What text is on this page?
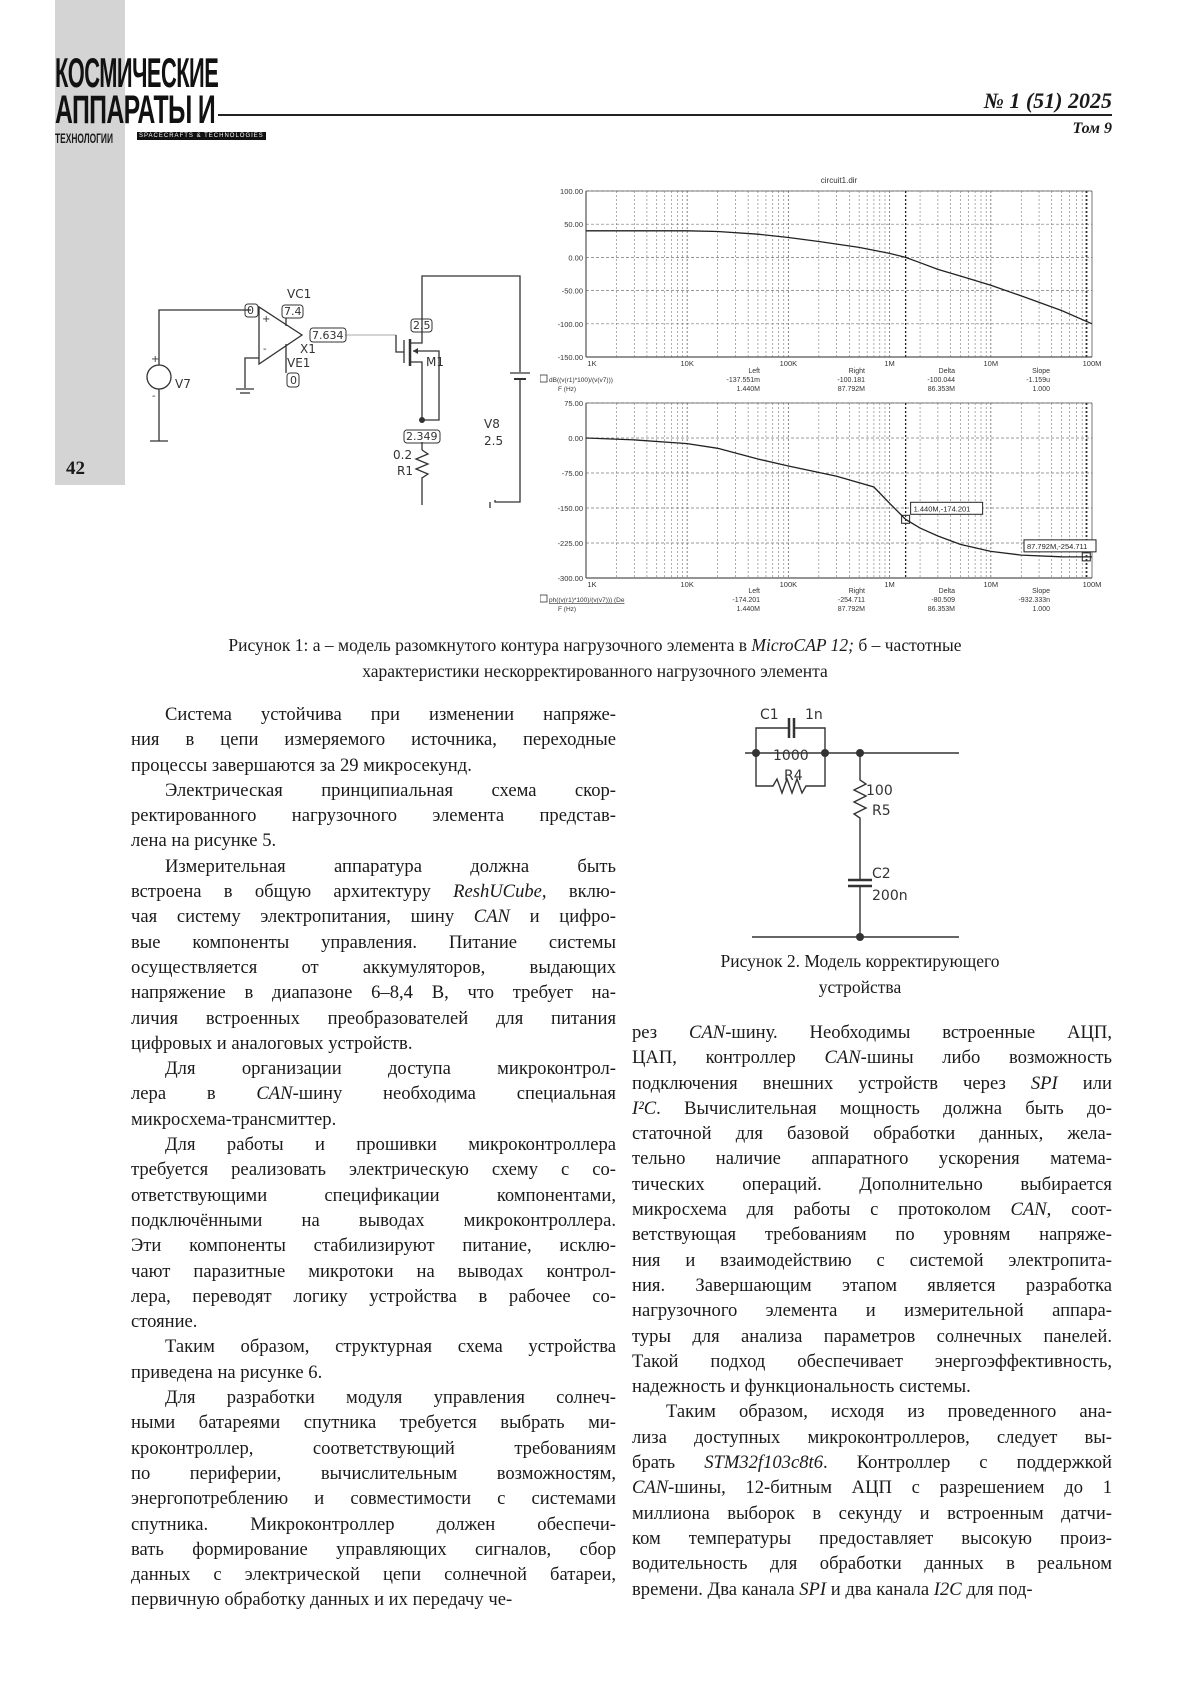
42
КОСМИЧЕСКИЕ
АППАРАТЫ И
ТЕХНОЛОГИИ	SPACECRAFTS & TECHNOLOGIES
№ 1 (51) 2025
Том 9
0
VC1
7.4
VE1
0
X1
7.634
2.5
M1
2.349
0.2
R1
V7
V8
2.5
+
-
+
-
circuit1.dir
100.00
50.00
0.00
-50.00
-100.00
-150.00
1K	10K	100K	1M	10M	100M
Left	Right	Delta	Slope
dB((v(r1)*100)/(v(v7)))	-137.551m	-100.181	-100.044	-1.159u
F (Hz)	1.440M	87.792M	86.353M	1.000
75.00
0.00
-75.00
-150.00
-225.00
-300.00
1K	10K	100K	1M	10M	100M
1.440M,-174.201
87.792M,-254.711
Left	Right	Delta	Slope
ph((v(r1)*100)/(v(v7))) (De	-174.201	-254.711	-80.509	-932.333n
F (Hz)	1.440M	87.792M	86.353M	1.000
Рисунок 1: а – модель разомкнутого контура нагрузочного элемента в MicroCAP 12; б – частотные
характеристики нескорректированного нагрузочного элемента
C1 1n
1000
R4
100
R5
C2
200n
Рисунок 2. Модель корректирующего
устройства
Система устойчива при изменении напряже-
ния в цепи измеряемого источника, переходные
процессы завершаются за 29 микросекунд.
Электрическая принципиальная схема скор-
ректированного нагрузочного элемента представ-
лена на рисунке 5.
Измерительная аппаратура должна быть
встроена в общую архитектуру ReshUCube, вклю-
чая систему электропитания, шину CAN и цифро-
вые компоненты управления. Питание системы
осуществляется от аккумуляторов, выдающих
напряжение в диапазоне 6–8,4 В, что требует на-
личия встроенных преобразователей для питания
цифровых и аналоговых устройств.
Для организации доступа микроконтрол-
лера в CAN-шину необходима специальная
микросхема-трансмиттер.
Для работы и прошивки микроконтроллера
требуется реализовать электрическую схему с со-
ответствующими спецификации компонентами,
подключёнными на выводах микроконтроллера.
Эти компоненты стабилизируют питание, исклю-
чают паразитные микротоки на выводах контрол-
лера, переводят логику устройства в рабочее со-
стояние.
Таким образом, структурная схема устройства
приведена на рисунке 6.
Для разработки модуля управления солнеч-
ными батареями спутника требуется выбрать ми-
кроконтроллер, соответствующий требованиям
по периферии, вычислительным возможностям,
энергопотреблению и совместимости с системами
спутника. Микроконтроллер должен обеспечи-
вать формирование управляющих сигналов, сбор
данных с электрической цепи солнечной батареи,
первичную обработку данных и их передачу че-
рез CAN-шину. Необходимы встроенные АЦП,
ЦАП, контроллер CAN-шины либо возможность
подключения внешних устройств через SPI или
I²C. Вычислительная мощность должна быть до-
статочной для базовой обработки данных, жела-
тельно наличие аппаратного ускорения матема-
тических операций. Дополнительно выбирается
микросхема для работы с протоколом CAN, соот-
ветствующая требованиям по уровням напряже-
ния и взаимодействию с системой электропита-
ния. Завершающим этапом является разработка
нагрузочного элемента и измерительной аппара-
туры для анализа параметров солнечных панелей.
Такой подход обеспечивает энергоэффективность,
надежность и функциональность системы.
Таким образом, исходя из проведенного ана-
лиза доступных микроконтроллеров, следует вы-
брать STM32f103c8t6. Контроллер с поддержкой
CAN-шины, 12-битным АЦП с разрешением до 1
миллиона выборок в секунду и встроенным датчи-
ком температуры предоставляет высокую произ-
водительность для обработки данных в реальном
времени. Два канала SPI и два канала I2C для под-
